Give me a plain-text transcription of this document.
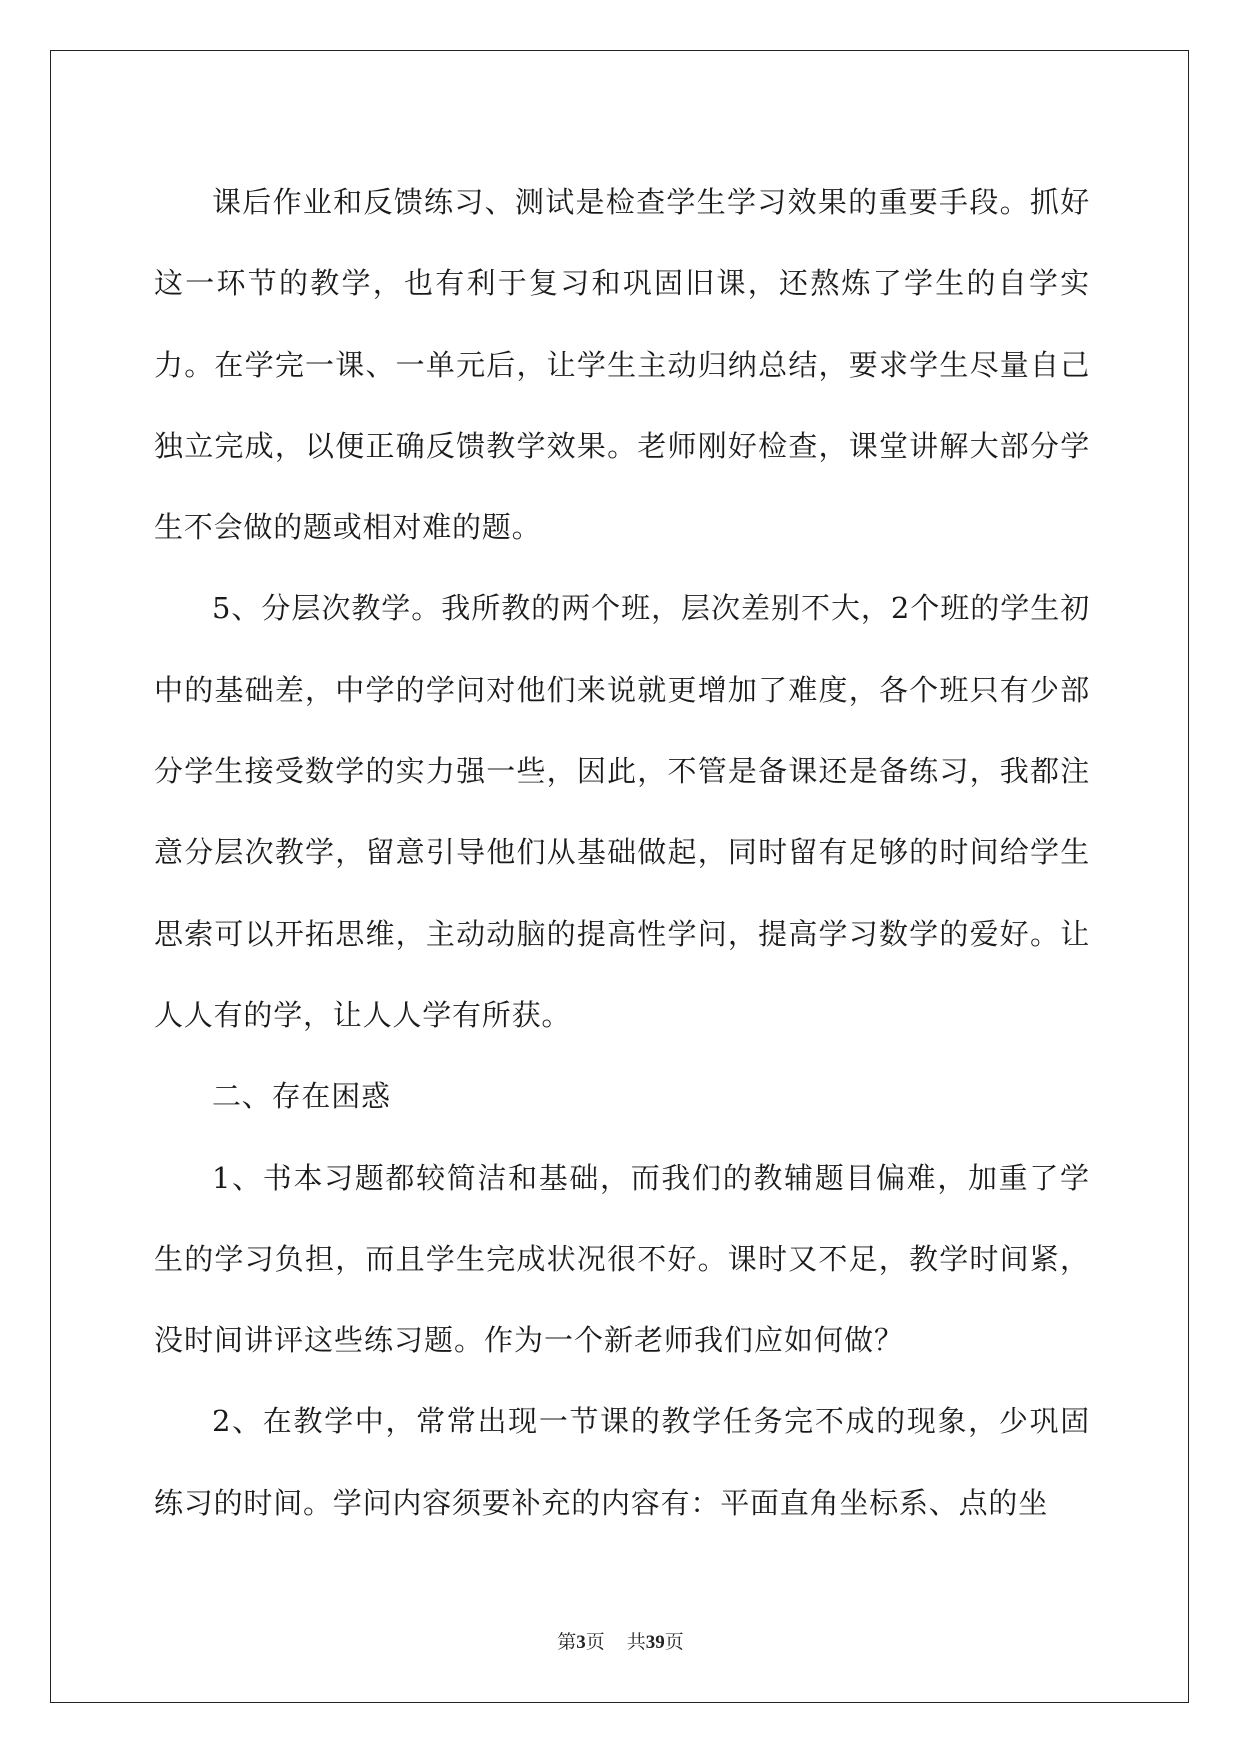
课后作业和反馈练习、测试是检查学生学习效果的重要手段。抓好这一环节的教学，也有利于复习和巩固旧课，还熬炼了学生的自学实力。在学完一课、一单元后，让学生主动归纳总结，要求学生尽量自己独立完成，以便正确反馈教学效果。老师刚好检查，课堂讲解大部分学生不会做的题或相对难的题。

5、分层次教学。我所教的两个班，层次差别不大，2个班的学生初中的基础差，中学的学问对他们来说就更增加了难度，各个班只有少部分学生接受数学的实力强一些，因此，不管是备课还是备练习，我都注意分层次教学，留意引导他们从基础做起，同时留有足够的时间给学生思索可以开拓思维，主动动脑的提高性学问，提高学习数学的爱好。让人人有的学，让人人学有所获。

二、存在困惑

1、书本习题都较简洁和基础，而我们的教辅题目偏难，加重了学生的学习负担，而且学生完成状况很不好。课时又不足，教学时间紧，没时间讲评这些练习题。作为一个新老师我们应如何做？

2、在教学中，常常出现一节课的教学任务完不成的现象，少巩固练习的时间。学问内容须要补充的内容有：平面直角坐标系、点的坐

第3页 共39页
